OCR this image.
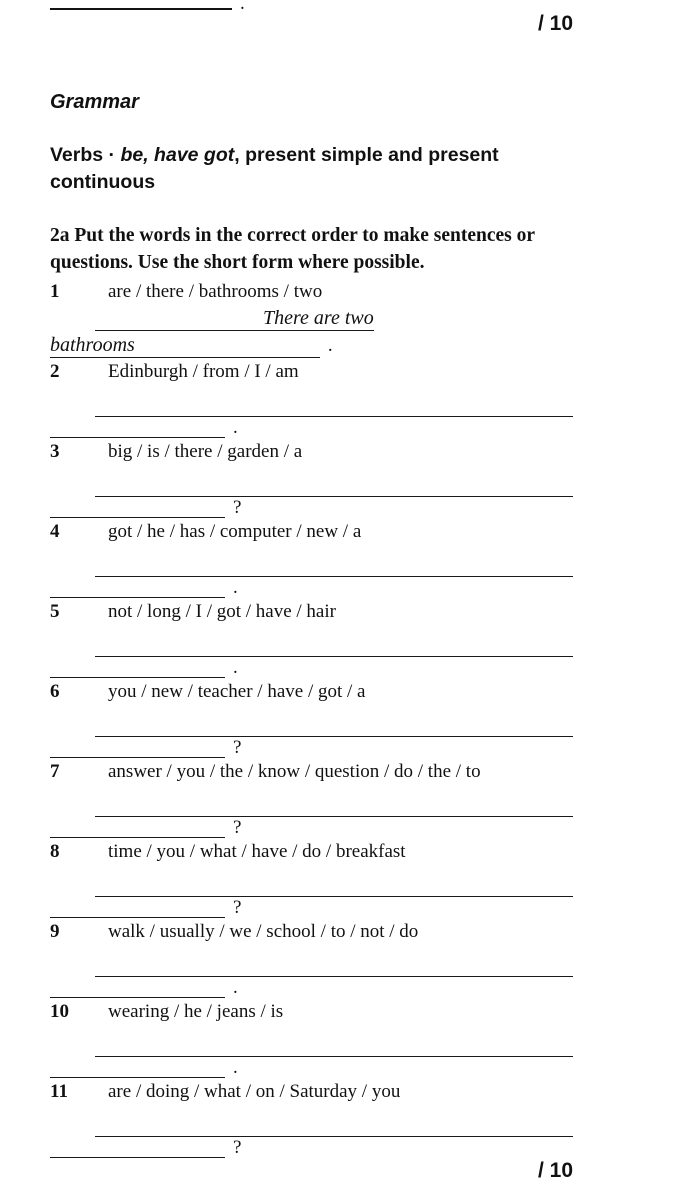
.
/ 10
Grammar
Verbs · be, have got, present simple and present continuous
2a Put the words in the correct order to make sentences or questions. Use the short form where possible.
1	are / there / bathrooms / two
There are two
bathrooms	.
2	Edinburgh / from / I / am
.
3	big / is / there / garden / a
?
4	got / he / has / computer / new / a
.
5	not / long / I / got / have / hair
.
6	you / new / teacher / have / got / a
?
7	answer / you / the / know / question / do / the / to
?
8	time / you / what / have / do / breakfast
?
9	walk / usually / we / school / to / not / do
.
10	wearing / he / jeans / is
.
11	are / doing / what / on / Saturday / you
?
/ 10
